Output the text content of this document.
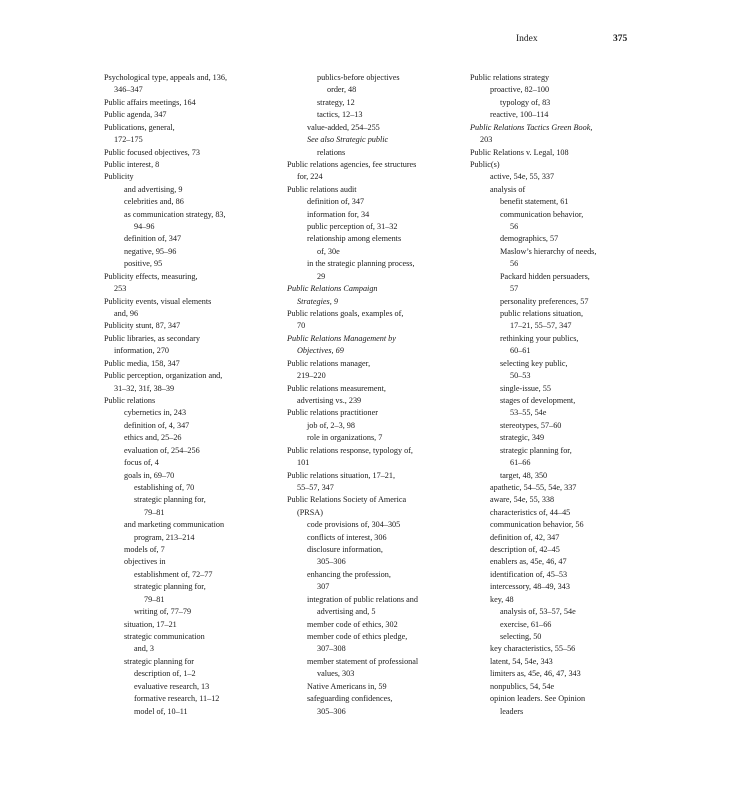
Index	375
Psychological type, appeals and, 136,
346–347
Public affairs meetings, 164
Public agenda, 347
Publications, general,
172–175
Public focused objectives, 73
Public interest, 8
Publicity
and advertising, 9
celebrities and, 86
as communication strategy, 83,
94–96
definition of, 347
negative, 95–96
positive, 95
Publicity effects, measuring,
253
Publicity events, visual elements
and, 96
Publicity stunt, 87, 347
Public libraries, as secondary
information, 270
Public media, 158, 347
Public perception, organization and,
31–32, 31f, 38–39
Public relations
cybernetics in, 243
definition of, 4, 347
ethics and, 25–26
evaluation of, 254–256
focus of, 4
goals in, 69–70
establishing of, 70
strategic planning for,
79–81
and marketing communication
program, 213–214
models of, 7
objectives in
establishment of, 72–77
strategic planning for,
79–81
writing of, 77–79
situation, 17–21
strategic communication
and, 3
strategic planning for
description of, 1–2
evaluative research, 13
formative research, 11–12
model of, 10–11
publics-before objectives
order, 48
strategy, 12
tactics, 12–13
value-added, 254–255
See also Strategic public
relations
Public relations agencies, fee structures
for, 224
Public relations audit
definition of, 347
information for, 34
public perception of, 31–32
relationship among elements
of, 30e
in the strategic planning process,
29
Public Relations Campaign
Strategies, 9
Public relations goals, examples of,
70
Public Relations Management by
Objectives, 69
Public relations manager,
219–220
Public relations measurement,
advertising vs., 239
Public relations practitioner
job of, 2–3, 98
role in organizations, 7
Public relations response, typology of,
101
Public relations situation, 17–21,
55–57, 347
Public Relations Society of America
(PRSA)
code provisions of, 304–305
conflicts of interest, 306
disclosure information,
305–306
enhancing the profession,
307
integration of public relations and
advertising and, 5
member code of ethics, 302
member code of ethics pledge,
307–308
member statement of professional
values, 303
Native Americans in, 59
safeguarding confidences,
305–306
Public relations strategy
proactive, 82–100
typology of, 83
reactive, 100–114
Public Relations Tactics Green Book,
203
Public Relations v. Legal, 108
Public(s)
active, 54e, 55, 337
analysis of
benefit statement, 61
communication behavior,
56
demographics, 57
Maslow’s hierarchy of needs,
56
Packard hidden persuaders,
57
personality preferences, 57
public relations situation,
17–21, 55–57, 347
rethinking your publics,
60–61
selecting key public,
50–53
single-issue, 55
stages of development,
53–55, 54e
stereotypes, 57–60
strategic, 349
strategic planning for,
61–66
target, 48, 350
apathetic, 54–55, 54e, 337
aware, 54e, 55, 338
characteristics of, 44–45
communication behavior, 56
definition of, 42, 347
description of, 42–45
enablers as, 45e, 46, 47
identification of, 45–53
intercessory, 48–49, 343
key, 48
analysis of, 53–57, 54e
exercise, 61–66
selecting, 50
key characteristics, 55–56
latent, 54, 54e, 343
limiters as, 45e, 46, 47, 343
nonpublics, 54, 54e
opinion leaders. See Opinion
leaders
